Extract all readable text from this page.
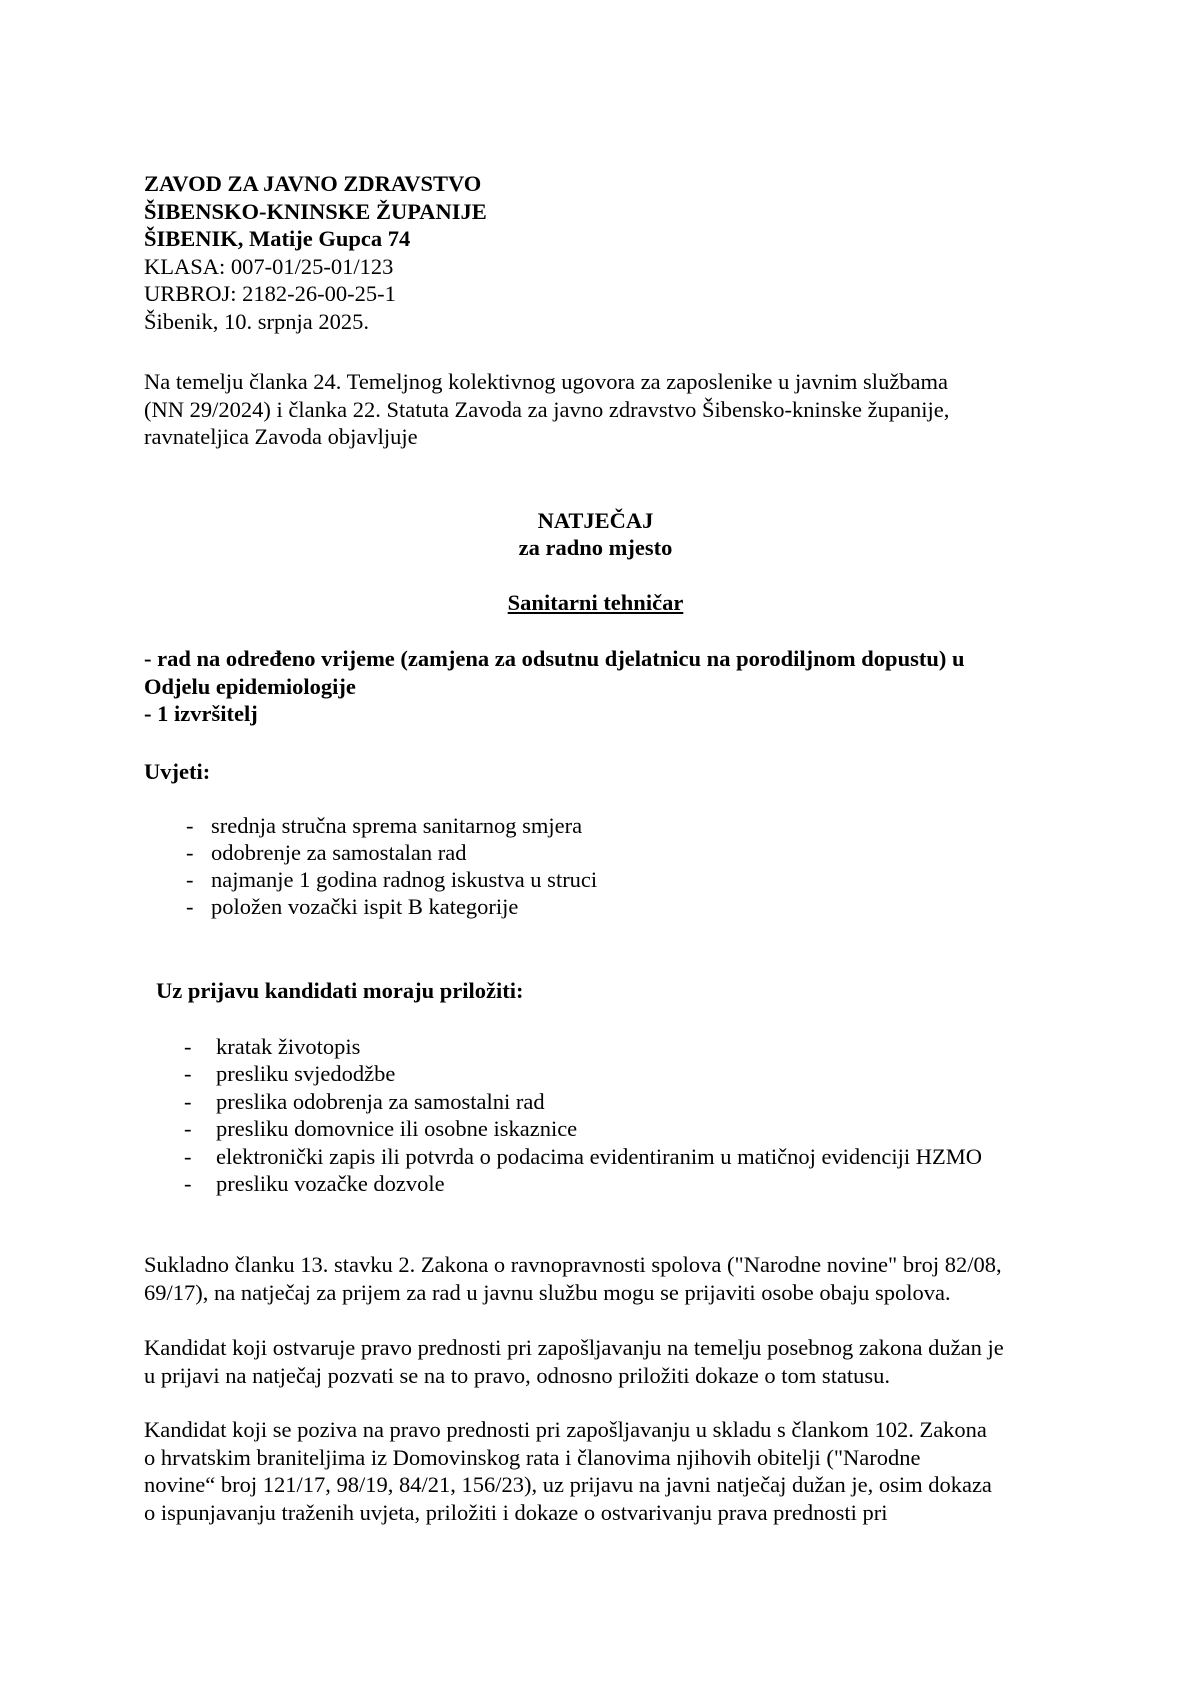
ZAVOD ZA JAVNO ZDRAVSTVO
ŠIBENSKO-KNINSKE ŽUPANIJE
ŠIBENIK, Matije Gupca 74
KLASA: 007-01/25-01/123
URBROJ: 2182-26-00-25-1
Šibenik, 10. srpnja 2025.
Na temelju članka 24. Temeljnog kolektivnog ugovora za zaposlenike u javnim službama
(NN 29/2024) i članka 22. Statuta Zavoda za javno zdravstvo Šibensko-kninske županije,
ravnateljica Zavoda objavljuje
NATJEČAJ
za radno mjesto
Sanitarni tehničar
- rad na određeno vrijeme (zamjena za odsutnu djelatnicu na porodiljnom dopustu) u
Odjelu epidemiologije
- 1 izvršitelj
Uvjeti:
- srednja stručna sprema sanitarnog smjera
- odobrenje za samostalan rad
- najmanje 1 godina radnog iskustva u struci
- položen vozački ispit B kategorije
Uz prijavu kandidati moraju priložiti:
- kratak životopis
- presliku svjedodžbe
- preslika odobrenja za samostalni rad
- presliku domovnice ili osobne iskaznice
- elektronički zapis ili potvrda o podacima evidentiranim u matičnoj evidenciji HZMO
- presliku vozačke dozvole
Sukladno članku 13. stavku 2. Zakona o ravnopravnosti spolova ("Narodne novine" broj 82/08,
69/17), na natječaj za prijem za rad u javnu službu mogu se prijaviti osobe obaju spolova.
Kandidat koji ostvaruje pravo prednosti pri zapošljavanju na temelju posebnog zakona dužan je
u prijavi na natječaj pozvati se na to pravo, odnosno priložiti dokaze o tom statusu.
Kandidat koji se poziva na pravo prednosti pri zapošljavanju u skladu s člankom 102. Zakona
o hrvatskim braniteljima iz Domovinskog rata i članovima njihovih obitelji ("Narodne
novine“ broj 121/17, 98/19, 84/21, 156/23), uz prijavu na javni natječaj dužan je, osim dokaza
o ispunjavanju traženih uvjeta, priložiti i dokaze o ostvarivanju prava prednosti pri
